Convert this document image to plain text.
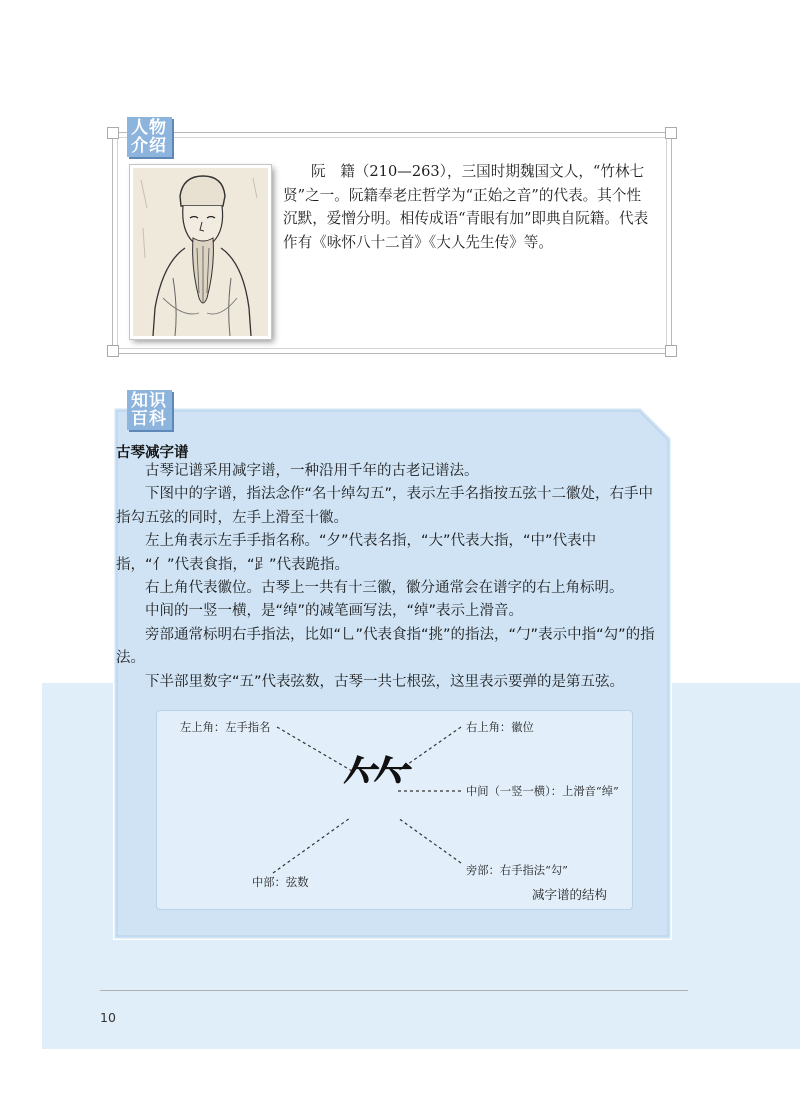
人物
介绍
阮　籍（210—263），三国时期魏国文人，“竹林七
贤”之一。阮籍奉老庄哲学为“正始之音”的代表。其个性
沉默，爱憎分明。相传成语“青眼有加”即典自阮籍。代表
作有《咏怀八十二首》《大人先生传》等。
知识
百科
古琴减字谱

古琴记谱采用减字谱，一种沿用千年的古老记谱法。

下图中的字谱，指法念作“名十绰勾五”，表示左手名指按五弦十二徽处，右手中指勾五弦的同时，左手上滑至十徽。

左上角表示左手手指名称。“夕”代表名指，“大”代表大指，“中”代表中指，“亻”代表食指，“𧾷”代表跪指。

右上角代表徽位。古琴上一共有十三徽，徽分通常会在谱字的右上角标明。

中间的一竖一横，是“绰”的减笔画写法，“绰”表示上滑音。

旁部通常标明右手指法，比如“乚”代表食指“挑”的指法，“勹”表示中指“勾”的指法。

下半部里数字“五”代表弦数，古琴一共七根弦，这里表示要弹的是第五弦。

左上角：左手指名	右上角：徽位
中间（一竖一横）：上滑音“绰”
旁部：右手指法“勾”
中部：弦数
𥫗
减字谱的结构
10
